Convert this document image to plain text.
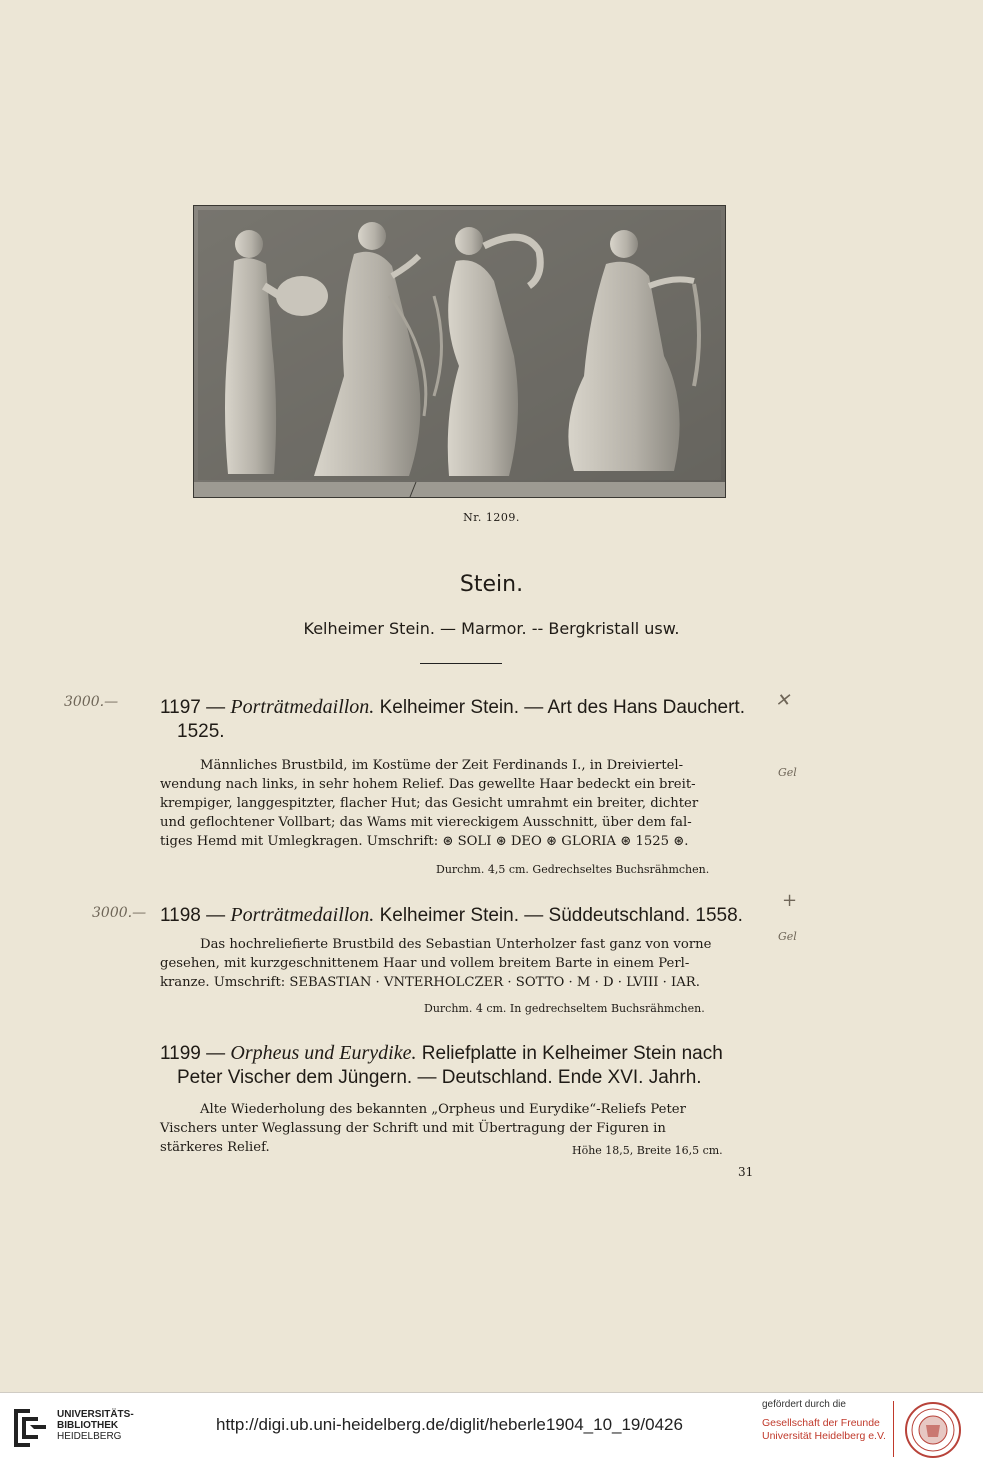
Nr. 1209.
Stein.
Kelheimer Stein. — Marmor. -- Bergkristall usw.
3000.—	✕
Gel
1197 — Porträtmedaillon. Kelheimer Stein. — Art des Hans Dauchert.
1525.
Männliches Brustbild, im Kostüme der Zeit Ferdinands I., in Dreiviertel-
wendung nach links, in sehr hohem Relief. Das gewellte Haar bedeckt ein breit-
krempiger, langgespitzter, flacher Hut; das Gesicht umrahmt ein breiter, dichter
und geflochtener Vollbart; das Wams mit viereckigem Ausschnitt, über dem fal-
tiges Hemd mit Umlegkragen. Umschrift: ⊛ SOLI ⊛ DEO ⊛ GLORIA ⊛ 1525 ⊛.
Durchm. 4,5 cm. Gedrechseltes Buchsrähmchen.
3000.—
+
Gel
1198 — Porträtmedaillon. Kelheimer Stein. — Süddeutschland. 1558.
Das hochreliefierte Brustbild des Sebastian Unterholzer fast ganz von vorne
gesehen, mit kurzgeschnittenem Haar und vollem breitem Barte in einem Perl-
kranze. Umschrift: SEBASTIAN · VNTERHOLCZER · SOTTO · M · D · LVIII · IAR.
Durchm. 4 cm. In gedrechseltem Buchsrähmchen.
1199 — Orpheus und Eurydike. Reliefplatte in Kelheimer Stein nach
Peter Vischer dem Jüngern. — Deutschland. Ende XVI. Jahrh.
Alte Wiederholung des bekannten „Orpheus und Eurydike“-Reliefs Peter
Vischers unter Weglassung der Schrift und mit Übertragung der Figuren in
stärkeres Relief.	Höhe 18,5, Breite 16,5 cm.
31
UNIVERSITÄTS-
BIBLIOTHEK
HEIDELBERG
http://digi.ub.uni-heidelberg.de/diglit/heberle1904_10_19/0426
gefördert durch die
Gesellschaft der Freunde
Universität Heidelberg e.V.
